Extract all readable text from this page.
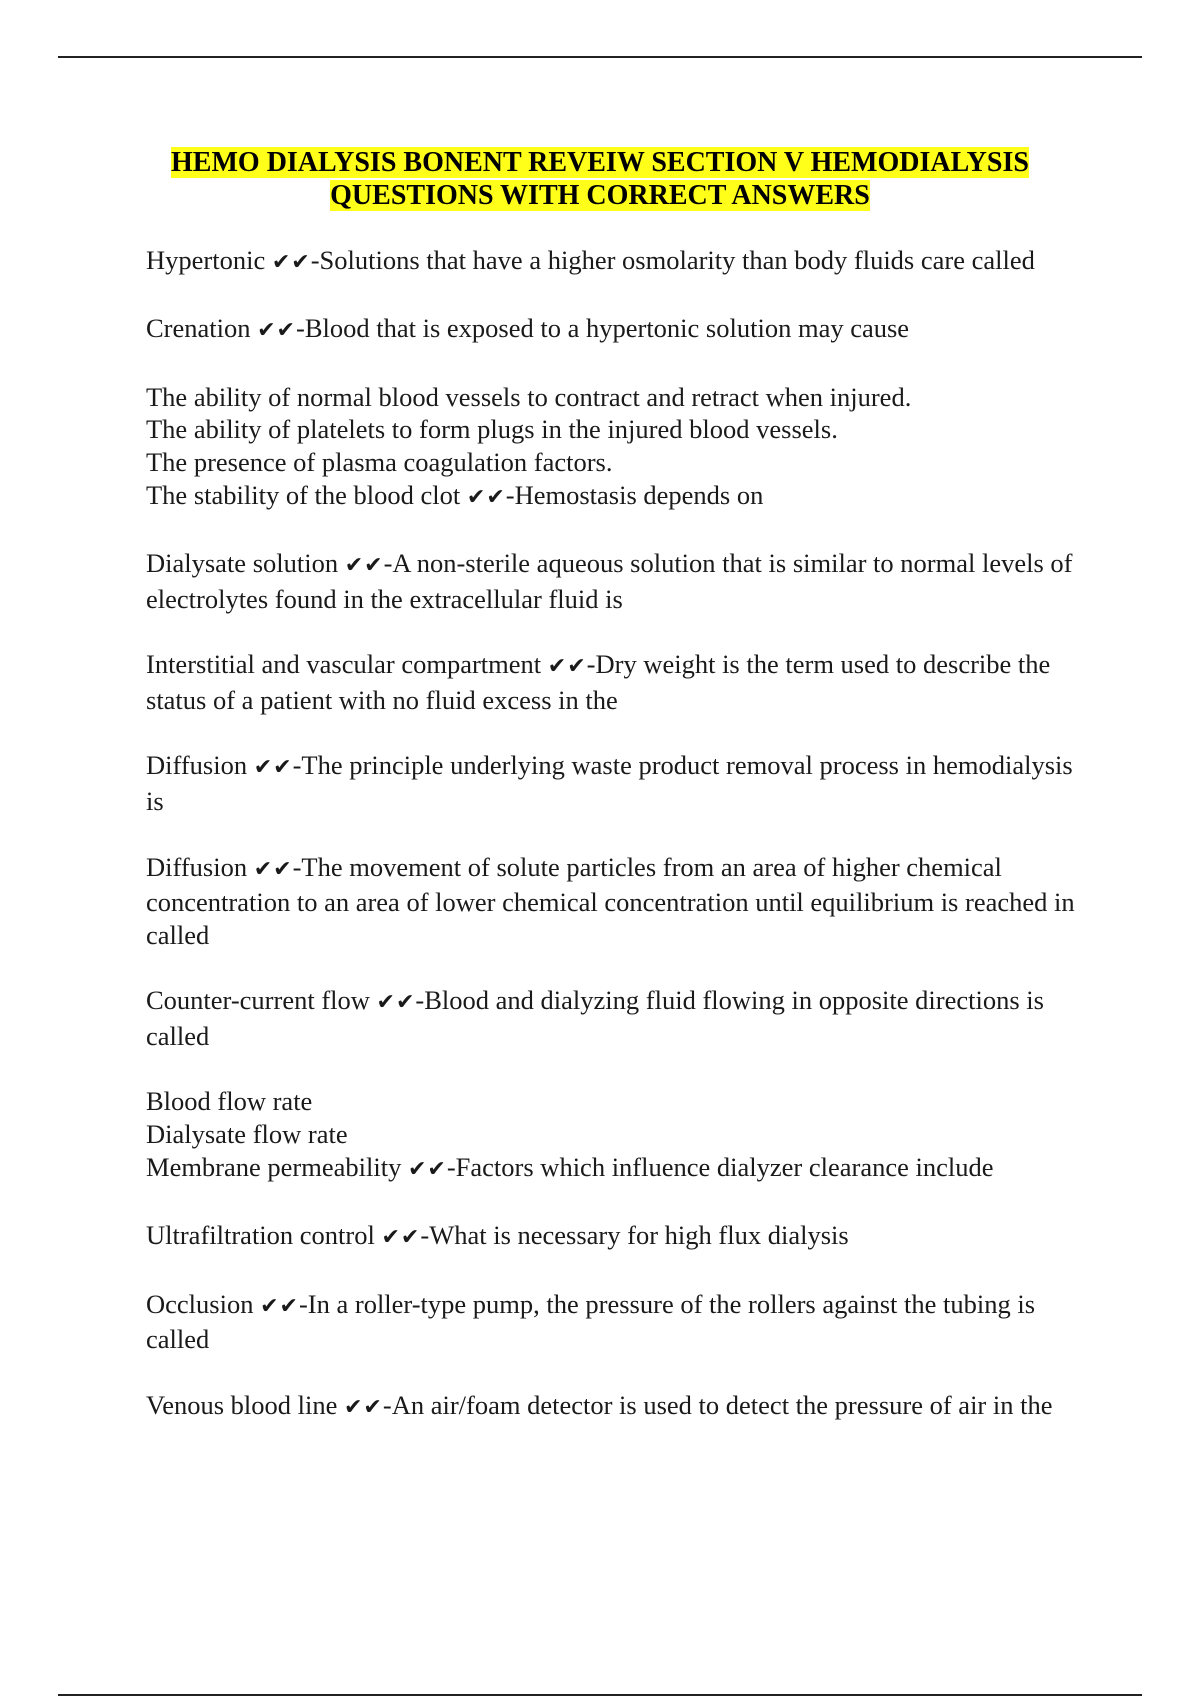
HEMO DIALYSIS BONENT REVEIW SECTION V HEMODIALYSIS
QUESTIONS WITH CORRECT ANSWERS

Hypertonic ✔✔-Solutions that have a higher osmolarity than body fluids care called

Crenation ✔✔-Blood that is exposed to a hypertonic solution may cause

The ability of normal blood vessels to contract and retract when injured.
The ability of platelets to form plugs in the injured blood vessels.
The presence of plasma coagulation factors.
The stability of the blood clot ✔✔-Hemostasis depends on

Dialysate solution ✔✔-A non-sterile aqueous solution that is similar to normal levels of electrolytes found in the extracellular fluid is

Interstitial and vascular compartment ✔✔-Dry weight is the term used to describe the status of a patient with no fluid excess in the

Diffusion ✔✔-The principle underlying waste product removal process in hemodialysis is

Diffusion ✔✔-The movement of solute particles from an area of higher chemical concentration to an area of lower chemical concentration until equilibrium is reached in called

Counter-current flow ✔✔-Blood and dialyzing fluid flowing in opposite directions is called

Blood flow rate
Dialysate flow rate
Membrane permeability ✔✔-Factors which influence dialyzer clearance include

Ultrafiltration control ✔✔-What is necessary for high flux dialysis

Occlusion ✔✔-In a roller-type pump, the pressure of the rollers against the tubing is called

Venous blood line ✔✔-An air/foam detector is used to detect the pressure of air in the
